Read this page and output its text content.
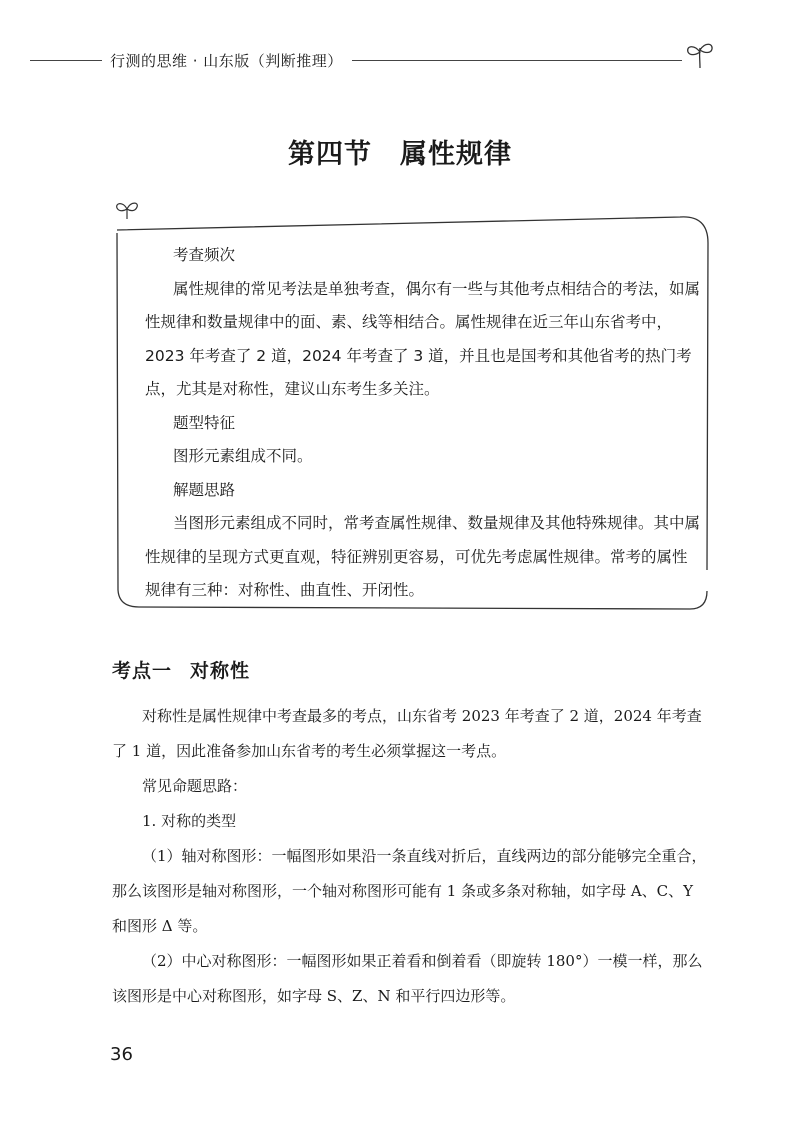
行测的思维 · 山东版（判断推理）
第四节　属性规律

考查频次

属性规律的常见考法是单独考查，偶尔有一些与其他考点相结合的考法，如属性规律和数量规律中的面、素、线等相结合。属性规律在近三年山东省考中，2023 年考查了 2 道，2024 年考查了 3 道，并且也是国考和其他省考的热门考点，尤其是对称性，建议山东考生多关注。

题型特征

图形元素组成不同。

解题思路

当图形元素组成不同时，常考查属性规律、数量规律及其他特殊规律。其中属性规律的呈现方式更直观，特征辨别更容易，可优先考虑属性规律。常考的属性规律有三种：对称性、曲直性、开闭性。

考点一 对称性

对称性是属性规律中考查最多的考点，山东省考 2023 年考查了 2 道，2024 年考查了 1 道，因此准备参加山东省考的考生必须掌握这一考点。

常见命题思路：

1. 对称的类型

（1）轴对称图形：一幅图形如果沿一条直线对折后，直线两边的部分能够完全重合，那么该图形是轴对称图形，一个轴对称图形可能有 1 条或多条对称轴，如字母 A、C、Y 和图形 Δ 等。

（2）中心对称图形：一幅图形如果正着看和倒着看（即旋转 180°）一模一样，那么该图形是中心对称图形，如字母 S、Z、N 和平行四边形等。

36
